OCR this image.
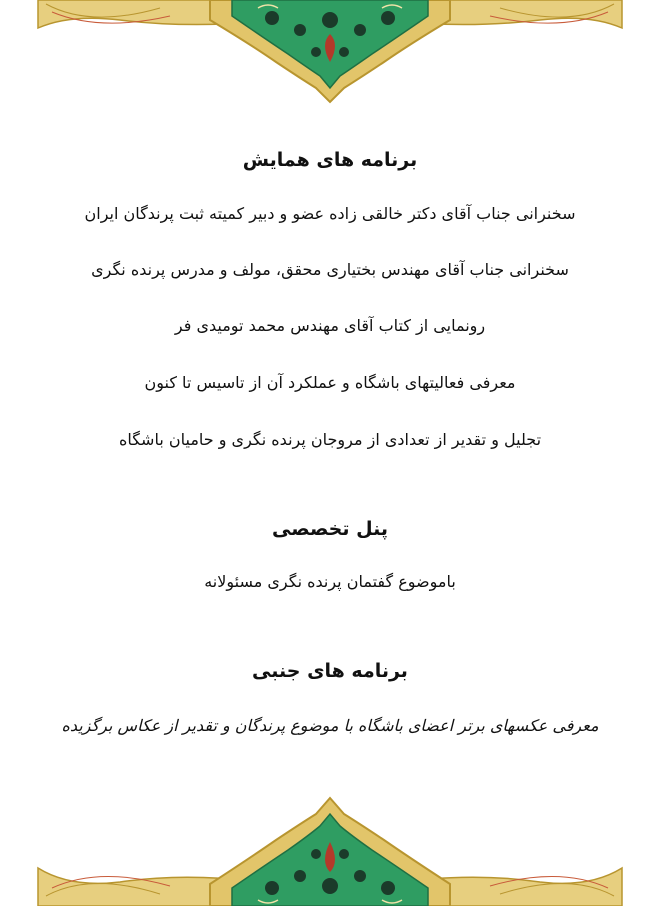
برنامه های همایش
سخنرانی جناب آقای دکتر خالقی زاده عضو و دبیر کمیته ثبت پرندگان ایران
سخنرانی جناب آقای مهندس بختیاری محقق، مولف و مدرس پرنده نگری
رونمایی از کتاب آقای مهندس محمد تومیدی فر
معرفی فعالیتهای باشگاه و عملکرد آن از تاسیس تا کنون
تجلیل و تقدیر از تعدادی از مروجان پرنده نگری و حامیان باشگاه
پنل تخصصی
باموضوع گفتمان پرنده نگری مسئولانه
برنامه های جنبی
معرفی عکسهای برتر اعضای باشگاه با موضوع پرندگان و تقدیر از عکاس برگزیده
